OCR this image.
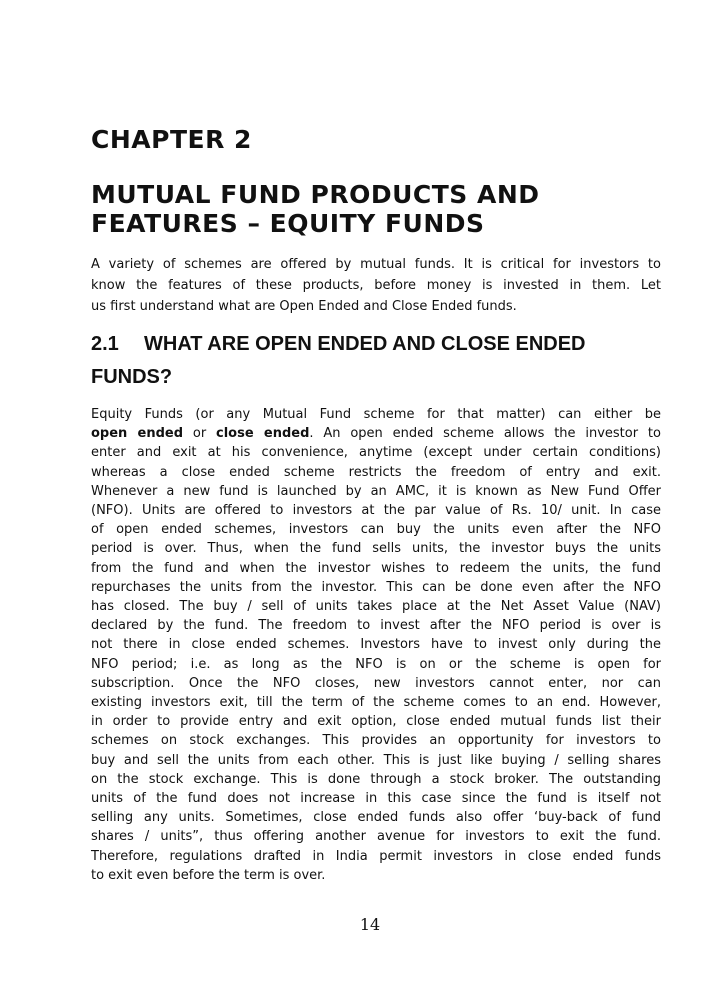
CHAPTER 2
MUTUAL FUND PRODUCTS AND
FEATURES – EQUITY FUNDS

A variety of schemes are offered by mutual funds. It is critical for investors to
know the features of these products, before money is invested in them. Let
us first understand what are Open Ended and Close Ended funds.

2.1 WHAT ARE OPEN ENDED AND CLOSE ENDED
FUNDS?

Equity Funds (or any Mutual Fund scheme for that matter) can either be
open ended or close ended. An open ended scheme allows the investor to
enter and exit at his convenience, anytime (except under certain conditions)
whereas a close ended scheme restricts the freedom of entry and exit.
Whenever a new fund is launched by an AMC, it is known as New Fund Offer
(NFO). Units are offered to investors at the par value of Rs. 10/ unit. In case
of open ended schemes, investors can buy the units even after the NFO
period is over. Thus, when the fund sells units, the investor buys the units
from the fund and when the investor wishes to redeem the units, the fund
repurchases the units from the investor. This can be done even after the NFO
has closed. The buy / sell of units takes place at the Net Asset Value (NAV)
declared by the fund. The freedom to invest after the NFO period is over is
not there in close ended schemes. Investors have to invest only during the
NFO period; i.e. as long as the NFO is on or the scheme is open for
subscription. Once the NFO closes, new investors cannot enter, nor can
existing investors exit, till the term of the scheme comes to an end. However,
in order to provide entry and exit option, close ended mutual funds list their
schemes on stock exchanges. This provides an opportunity for investors to
buy and sell the units from each other. This is just like buying / selling shares
on the stock exchange. This is done through a stock broker. The outstanding
units of the fund does not increase in this case since the fund is itself not
selling any units. Sometimes, close ended funds also offer ‘buy-back of fund
shares / units”, thus offering another avenue for investors to exit the fund.
Therefore, regulations drafted in India permit investors in close ended funds
to exit even before the term is over.

14
